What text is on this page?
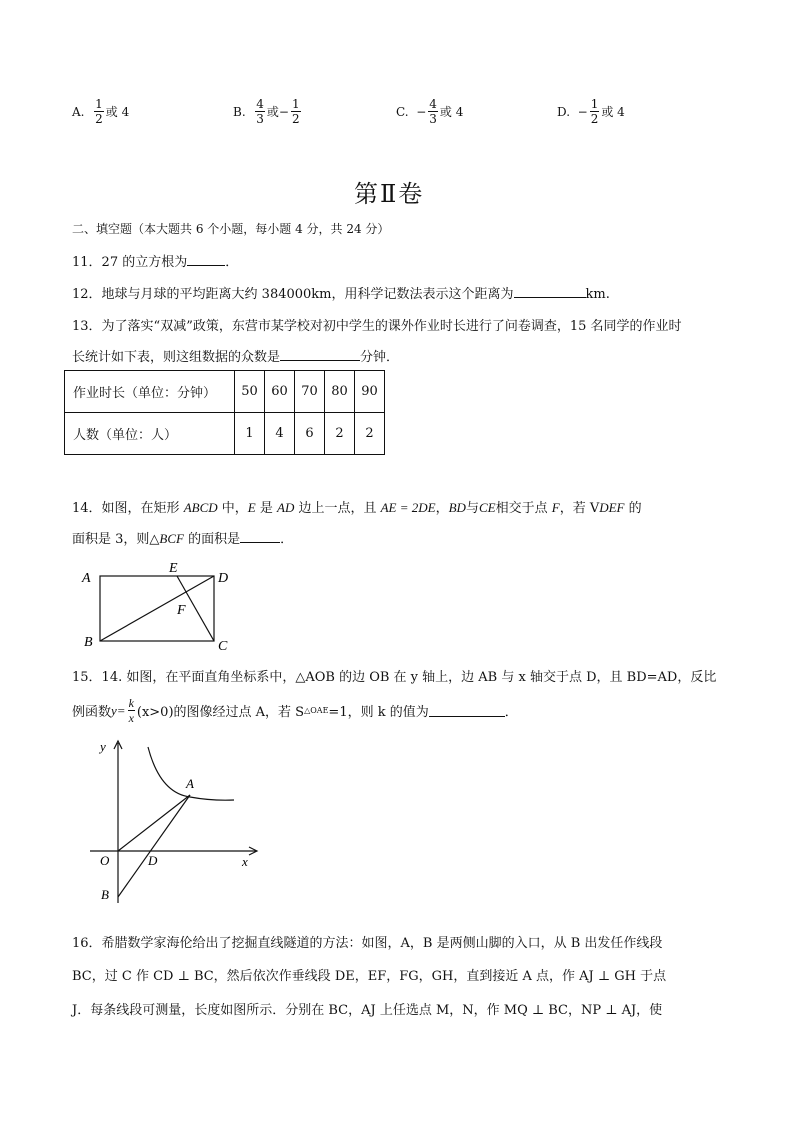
A.
$\frac{1}{2}$ 或 4	B.
$\frac{4}{3}$ 或− $\frac{1}{2}$	C.
− $\frac{4}{3}$ 或 4	D.
− $\frac{1}{2}$ 或 4
第Ⅱ卷
二、填空题（本大题共 6 个小题，每小题 4 分，共 24 分）
11．27 的立方根为	．
12．地球与月球的平均距离大约 384000km，用科学记数法表示这个距离为	km.
13．为了落实“双减”政策，东营市某学校对初中学生的课外作业时长进行了问卷调查，15 名同学的作业时
长统计如下表，则这组数据的众数是	分钟．
作业时长（单位：分钟）	50	60	70	80	90
人数（单位：人）	1	4	6	2	2
14．如图，在矩形 ABCD 中，E 是 AD 边上一点，且 AE = 2DE，BD与CE相交于点 F，若 VDEF 的
面积是 3，则△BCF 的面积是	．
A
B	C
D
E
F
15．14. 如图，在平面直角坐标系中，△AOB 的边 OB 在 y 轴上，边 AB 与 x 轴交于点 D，且 BD=AD，反比
例函数 $y= \frac{k}{x} (x>0)$的图像经过点 A，若 S △OAE =1，则 k 的值为	．
y
x
O
A
B
D
16．希腊数学家海伦给出了挖掘直线隧道的方法：如图，A，B 是两侧山脚的入口，从 B 出发任作线段
BC，过 C 作 CD ⊥ BC，然后依次作垂线段 DE，EF，FG，GH，直到接近 A 点，作 AJ ⊥ GH 于点
J．每条线段可测量，长度如图所示．分别在 BC，AJ 上任选点 M，N，作 MQ ⊥ BC，NP ⊥ AJ，使
